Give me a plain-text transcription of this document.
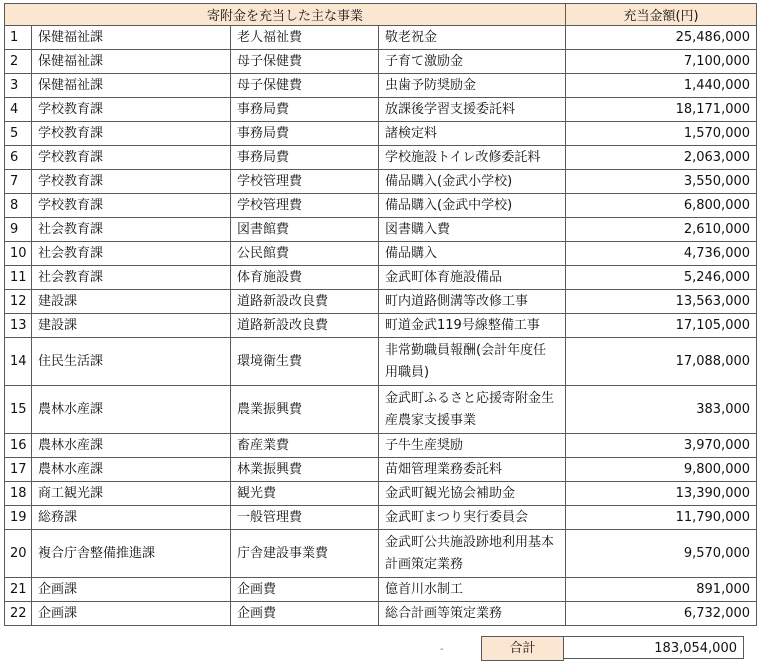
寄附金を充当した主な事業				充当金額(円)
1	保健福祉課	老人福祉費	敬老祝金	25,486,000
2	保健福祉課	母子保健費	子育て激励金	7,100,000
3	保健福祉課	母子保健費	虫歯予防奨励金	1,440,000
4	学校教育課	事務局費	放課後学習支援委託料	18,171,000
5	学校教育課	事務局費	諸検定料	1,570,000
6	学校教育課	事務局費	学校施設トイレ改修委託料	2,063,000
7	学校教育課	学校管理費	備品購入(金武小学校)	3,550,000
8	学校教育課	学校管理費	備品購入(金武中学校)	6,800,000
9	社会教育課	図書館費	図書購入費	2,610,000
10	社会教育課	公民館費	備品購入	4,736,000
11	社会教育課	体育施設費	金武町体育施設備品	5,246,000
12	建設課	道路新設改良費	町内道路側溝等改修工事	13,563,000
13	建設課	道路新設改良費	町道金武119号線整備工事	17,105,000
14	住民生活課	環境衛生費	非常勤職員報酬(会計年度任用職員)	17,088,000
15	農林水産課	農業振興費	金武町ふるさと応援寄附金生産農家支援事業	383,000
16	農林水産課	畜産業費	子牛生産奨励	3,970,000
17	農林水産課	林業振興費	苗畑管理業務委託料	9,800,000
18	商工観光課	観光費	金武町観光協会補助金	13,390,000
19	総務課	一般管理費	金武町まつり実行委員会	11,790,000
20	複合庁舎整備推進課	庁舎建設事業費	金武町公共施設跡地利用基本計画策定業務	9,570,000
21	企画課	企画費	億首川水制工	891,000
22	企画課	企画費	総合計画等策定業務	6,732,000
-	合計	183,054,000
